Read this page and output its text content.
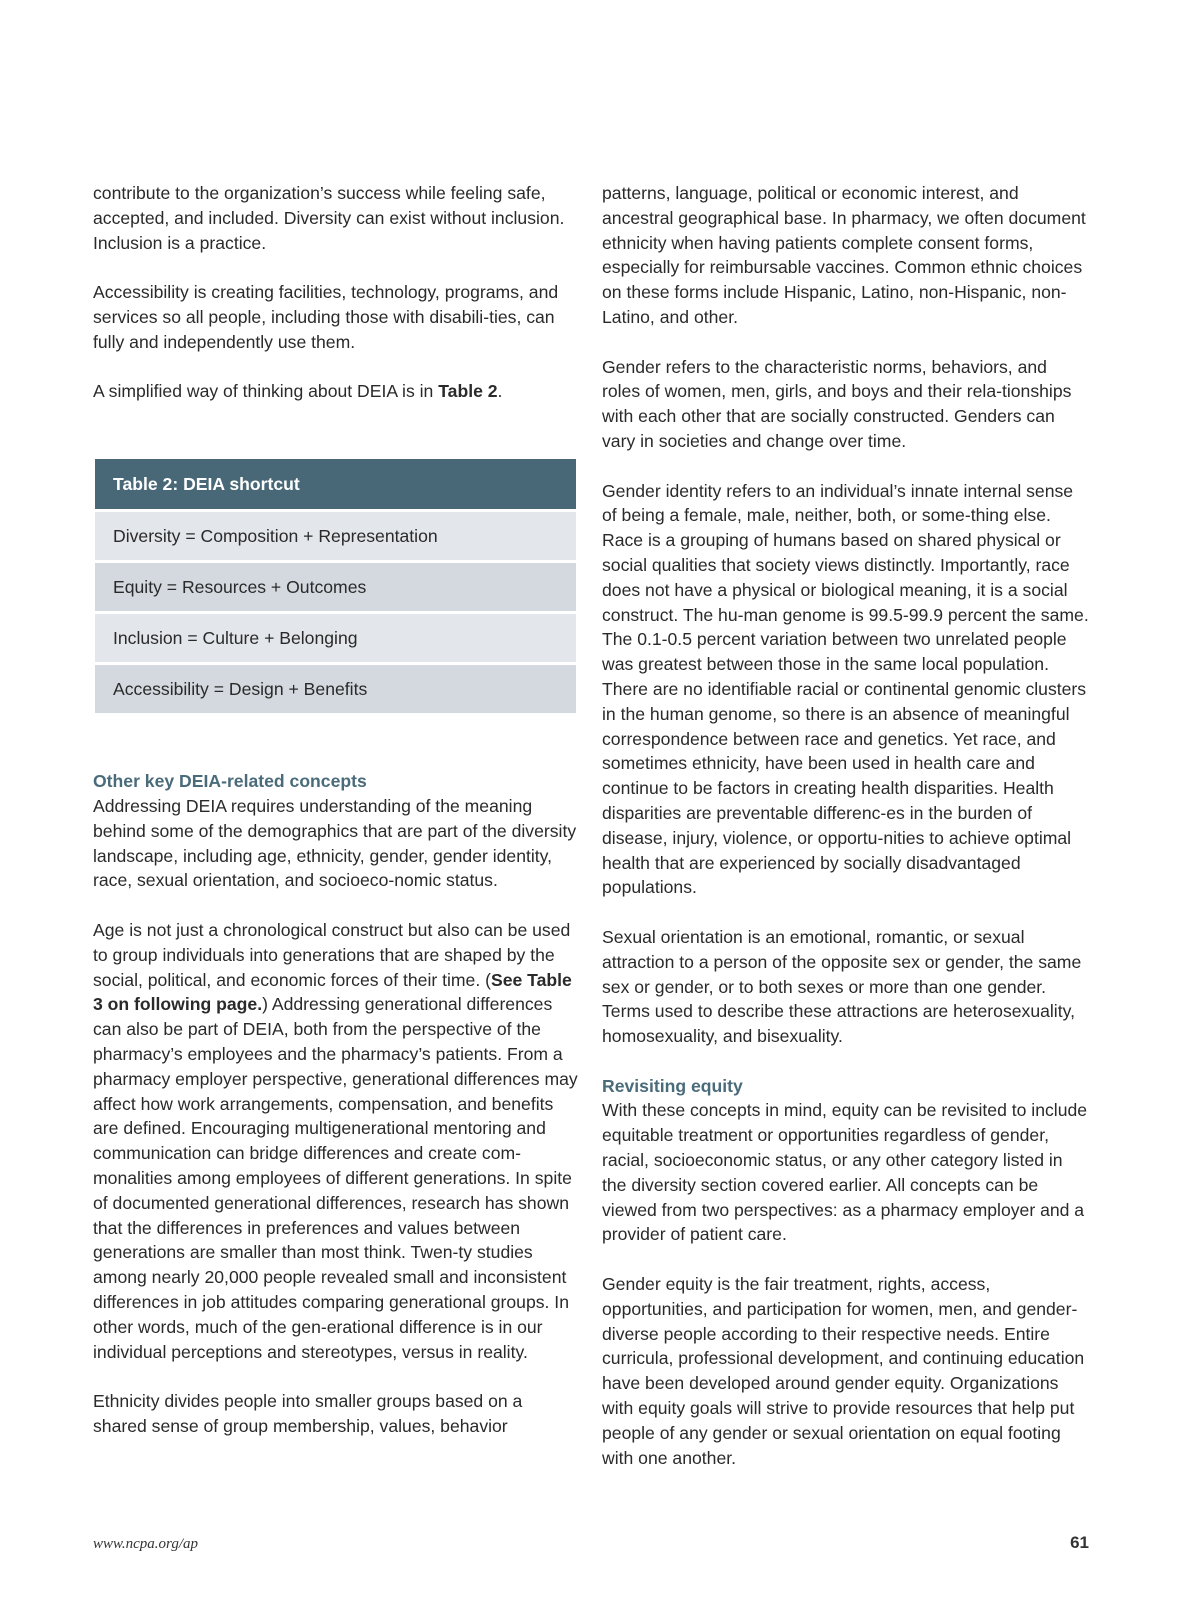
contribute to the organization’s success while feeling safe, accepted, and included. Diversity can exist without inclusion. Inclusion is a practice.

Accessibility is creating facilities, technology, programs, and services so all people, including those with disabili-ties, can fully and independently use them.

A simplified way of thinking about DEIA is in Table 2.

Table 2: DEIA shortcut
Diversity = Composition + Representation
Equity = Resources + Outcomes
Inclusion = Culture + Belonging
Accessibility = Design + Benefits

Other key DEIA-related concepts
Addressing DEIA requires understanding of the meaning behind some of the demographics that are part of the diversity landscape, including age, ethnicity, gender, gender identity, race, sexual orientation, and socioeco-nomic status.

Age is not just a chronological construct but also can be used to group individuals into generations that are shaped by the social, political, and economic forces of their time. (See Table 3 on following page.) Addressing generational differences can also be part of DEIA, both from the perspective of the pharmacy’s employees and the pharmacy’s patients. From a pharmacy employer perspective, generational differences may affect how work arrangements, compensation, and benefits are defined. Encouraging multigenerational mentoring and communication can bridge differences and create com-monalities among employees of different generations. In spite of documented generational differences, research has shown that the differences in preferences and values between generations are smaller than most think. Twen-ty studies among nearly 20,000 people revealed small and inconsistent differences in job attitudes comparing generational groups. In other words, much of the gen-erational difference is in our individual perceptions and stereotypes, versus in reality.

Ethnicity divides people into smaller groups based on a shared sense of group membership, values, behavior

patterns, language, political or economic interest, and ancestral geographical base. In pharmacy, we often document ethnicity when having patients complete consent forms, especially for reimbursable vaccines. Common ethnic choices on these forms include Hispanic, Latino, non-Hispanic, non-Latino, and other.

Gender refers to the characteristic norms, behaviors, and roles of women, men, girls, and boys and their rela-tionships with each other that are socially constructed. Genders can vary in societies and change over time.

Gender identity refers to an individual’s innate internal sense of being a female, male, neither, both, or some-thing else. Race is a grouping of humans based on shared physical or social qualities that society views distinctly. Importantly, race does not have a physical or biological meaning, it is a social construct. The hu-man genome is 99.5-99.9 percent the same. The 0.1-0.5 percent variation between two unrelated people was greatest between those in the same local population. There are no identifiable racial or continental genomic clusters in the human genome, so there is an absence of meaningful correspondence between race and genetics. Yet race, and sometimes ethnicity, have been used in health care and continue to be factors in creating health disparities. Health disparities are preventable differenc-es in the burden of disease, injury, violence, or opportu-nities to achieve optimal health that are experienced by socially disadvantaged populations.

Sexual orientation is an emotional, romantic, or sexual attraction to a person of the opposite sex or gender, the same sex or gender, or to both sexes or more than one gender. Terms used to describe these attractions are heterosexuality, homosexuality, and bisexuality.

Revisiting equity
With these concepts in mind, equity can be revisited to include equitable treatment or opportunities regardless of gender, racial, socioeconomic status, or any other category listed in the diversity section covered earlier. All concepts can be viewed from two perspectives: as a pharmacy employer and a provider of patient care.

Gender equity is the fair treatment, rights, access, opportunities, and participation for women, men, and gender-diverse people according to their respective needs. Entire curricula, professional development, and continuing education have been developed around gender equity. Organizations with equity goals will strive to provide resources that help put people of any gender or sexual orientation on equal footing with one another.

www.ncpa.org/ap	61
